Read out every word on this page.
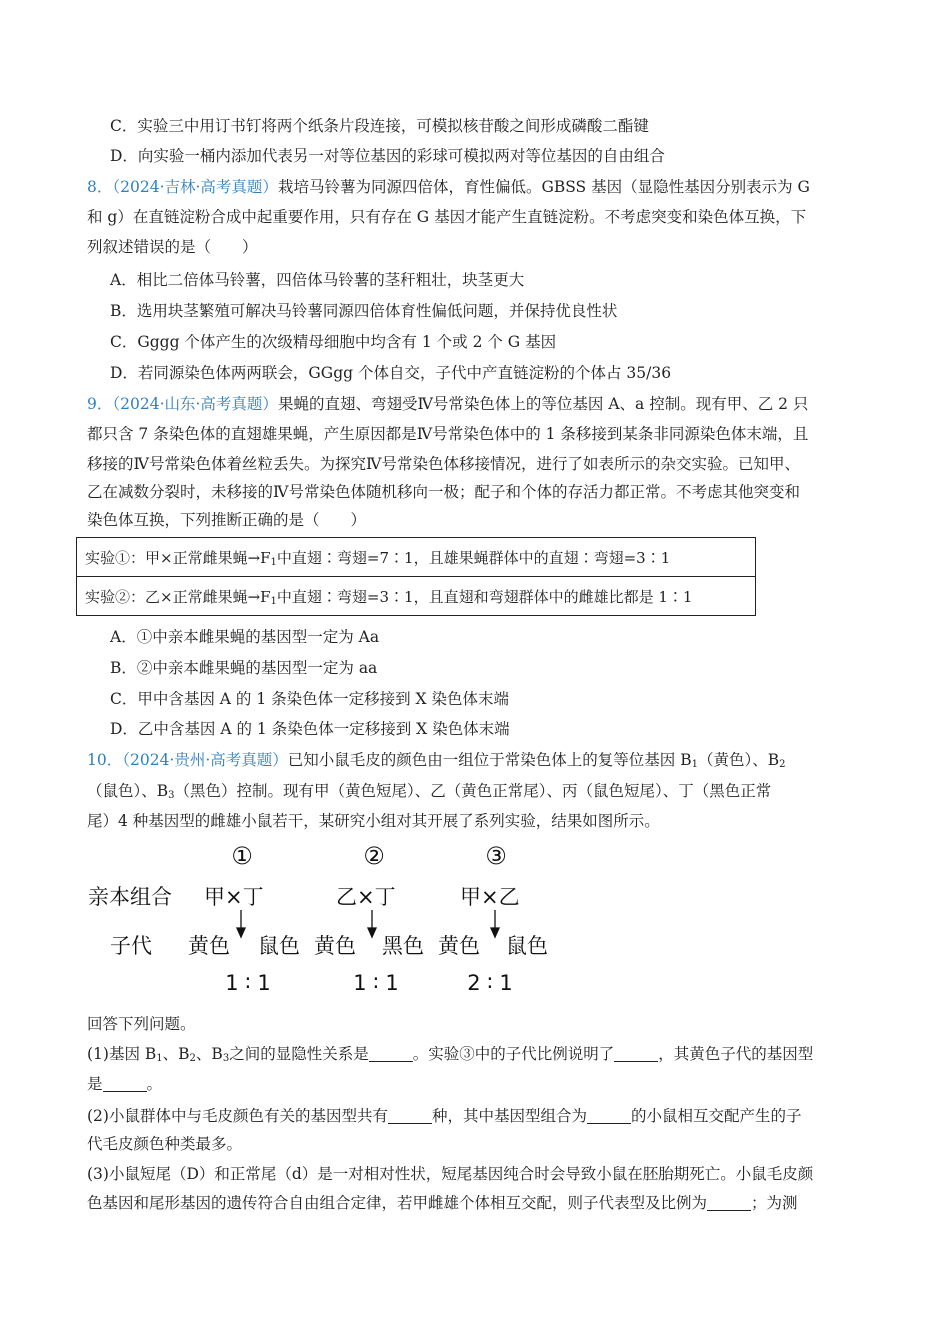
C．实验三中用订书钉将两个纸条片段连接，可模拟核苷酸之间形成磷酸二酯键
D．向实验一桶内添加代表另一对等位基因的彩球可模拟两对等位基因的自由组合
8．（2024·吉林·高考真题）栽培马铃薯为同源四倍体，育性偏低。GBSS 基因（显隐性基因分别表示为 G
和 g）在直链淀粉合成中起重要作用，只有存在 G 基因才能产生直链淀粉。不考虑突变和染色体互换，下
列叙述错误的是（　　）
A．相比二倍体马铃薯，四倍体马铃薯的茎秆粗壮，块茎更大
B．选用块茎繁殖可解决马铃薯同源四倍体育性偏低问题，并保持优良性状
C．Gggg 个体产生的次级精母细胞中均含有 1 个或 2 个 G 基因
D．若同源染色体两两联会，GGgg 个体自交，子代中产直链淀粉的个体占 35/36
9．（2024·山东·高考真题）果蝇的直翅、弯翅受Ⅳ号常染色体上的等位基因 A、a 控制。现有甲、乙 2 只
都只含 7 条染色体的直翅雄果蝇，产生原因都是Ⅳ号常染色体中的 1 条移接到某条非同源染色体末端，且
移接的Ⅳ号常染色体着丝粒丢失。为探究Ⅳ号常染色体移接情况，进行了如表所示的杂交实验。已知甲、
乙在减数分裂时，未移接的Ⅳ号常染色体随机移向一极；配子和个体的存活力都正常。不考虑其他突变和
染色体互换，下列推断正确的是（　　）
实验①：甲×正常雌果蝇$\to F_1$中直翅∶弯翅=7∶1，且雄果蝇群体中的直翅∶弯翅=3∶1
实验②：乙×正常雌果蝇$\to F_1$中直翅∶弯翅=3∶1，且直翅和弯翅群体中的雌雄比都是 1∶1
A．①中亲本雌果蝇的基因型一定为 Aa
B．②中亲本雌果蝇的基因型一定为 aa
C．甲中含基因 A 的 1 条染色体一定移接到 X 染色体末端
D．乙中含基因 A 的 1 条染色体一定移接到 X 染色体末端
10．（2024·贵州·高考真题）已知小鼠毛皮的颜色由一组位于常染色体上的复等位基因 $B_1$（黄色）、$B_2$
（鼠色）、$B_3$（黑色）控制。现有甲（黄色短尾）、乙（黄色正常尾）、丙（鼠色短尾）、丁（黑色正常
尾）4 种基因型的雌雄小鼠若干，某研究小组对其开展了系列实验，结果如图所示。
①	②	③
亲本组合 甲×丁	乙×丁	甲×乙
子代 黄色 鼠色 黄色 黑色 黄色 鼠色
1 ∶ 1	1 ∶ 1	2 ∶ 1
回答下列问题。
(1)基因 $B_1$、$B_2$、$B_3$之间的显隐性关系是	。实验③中的子代比例说明了	，其黄色子代的基因型
是	。
(2)小鼠群体中与毛皮颜色有关的基因型共有	种，其中基因型组合为	的小鼠相互交配产生的子
代毛皮颜色种类最多。
(3)小鼠短尾（D）和正常尾（d）是一对相对性状，短尾基因纯合时会导致小鼠在胚胎期死亡。小鼠毛皮颜
色基因和尾形基因的遗传符合自由组合定律，若甲雌雄个体相互交配，则子代表型及比例为	；为测
